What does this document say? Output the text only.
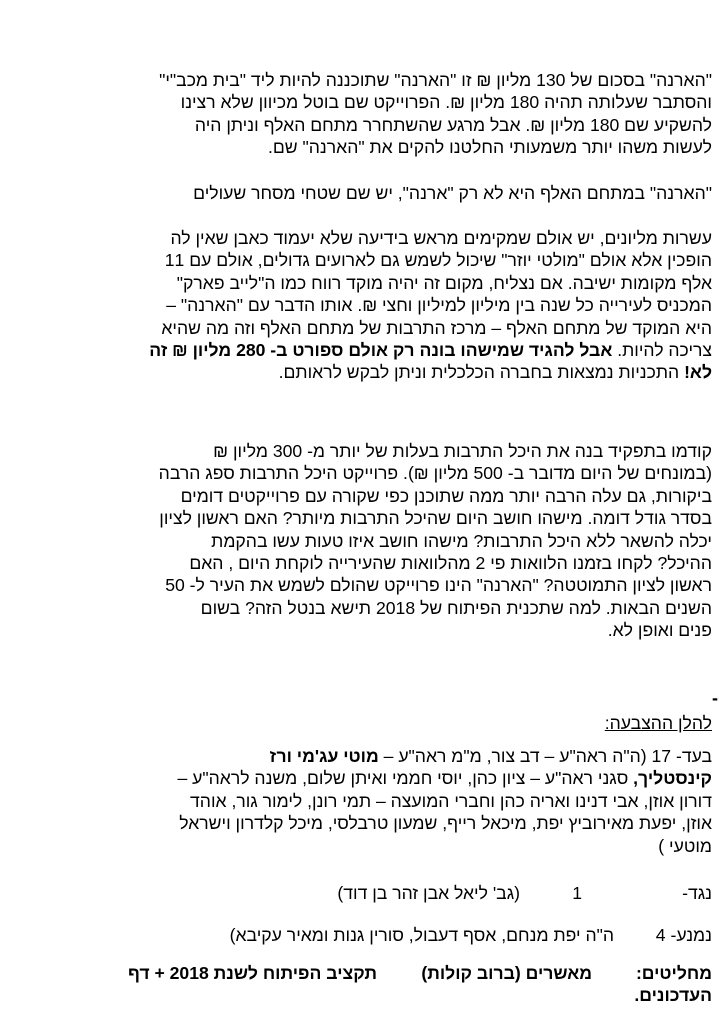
"הארנה" בסכום של 130 מליון ₪ זו "הארנה" שתוכננה להיות ליד "בית מכב"י"
והסתבר שעלותה תהיה 180 מליון ₪. הפרוייקט שם בוטל מכיוון שלא רצינו
להשקיע שם 180 מליון ₪. אבל מרגע שהשתחרר מתחם האלף וניתן היה
לעשות משהו יותר משמעותי החלטנו להקים את "הארנה" שם.
"הארנה" במתחם האלף היא לא רק "ארנה", יש שם שטחי מסחר שעולים
עשרות מליונים, יש אולם שמקימים מראש בידיעה שלא יעמוד כאבן שאין לה
הופכין אלא אולם "מולטי יוזר" שיכול לשמש גם לארועים גדולים, אולם עם 11
אלף מקומות ישיבה. אם נצליח, מקום זה יהיה מוקד רווח כמו ה"לייב פארק"
המכניס לעירייה כל שנה בין מיליון למיליון וחצי ₪. אותו הדבר עם "הארנה" –
היא המוקד של מתחם האלף – מרכז התרבות של מתחם האלף וזה מה שהיא
צריכה להיות. אבל להגיד שמישהו בונה רק אולם ספורט ב- 280 מליון ₪ זה
לא! התכניות נמצאות בחברה הכלכלית וניתן לבקש לראותם.
קודמו בתפקיד בנה את היכל התרבות בעלות של יותר מ- 300 מליון ₪
(במונחים של היום מדובר ב- 500 מליון ₪). פרוייקט היכל התרבות ספג הרבה
ביקורות, גם עלה הרבה יותר ממה שתוכנן כפי שקורה עם פרוייקטים דומים
בסדר גודל דומה. מישהו חושב היום שהיכל התרבות מיותר? האם ראשון לציון
יכלה להשאר ללא היכל התרבות? מישהו חושב איזו טעות עשו בהקמת
ההיכל? לקחו בזמנו הלוואות פי 2 מהלוואות שהעירייה לוקחת היום , האם
ראשון לציון התמוטטה? "הארנה" הינו פרוייקט שהולם לשמש את העיר ל- 50
השנים הבאות. למה שתכנית הפיתוח של 2018 תישא בנטל הזה? בשום
פנים ואופן לא.
-
להלן ההצבעה:
בעד- 17 (ה"ה ראה"ע – דב צור, מ"מ ראה"ע – מוטי עג'מי ורז
קינסטליך, סגני ראה"ע – ציון כהן, יוסי חממי ואיתן שלום, משנה לראה"ע –
דורון אוזן, אבי דנינו ואריה כהן וחברי המועצה – תמי רונן, לימור גור, אוהד
אוזן, יפעת מאירוביץ יפת, מיכאל רייף, שמעון טרבלסי, מיכל קלדרון וישראל
מוטעי )
נגד-
1
(גב' ליאל אבן זהר בן דוד)
נמנע- 4
ה"ה יפת מנחם, אסף דעבול, סורין גנות ומאיר עקיבא)
מחליטים:
מאשרים (ברוב קולות)
תקציב הפיתוח לשנת 2018 + דף
העדכונים.
